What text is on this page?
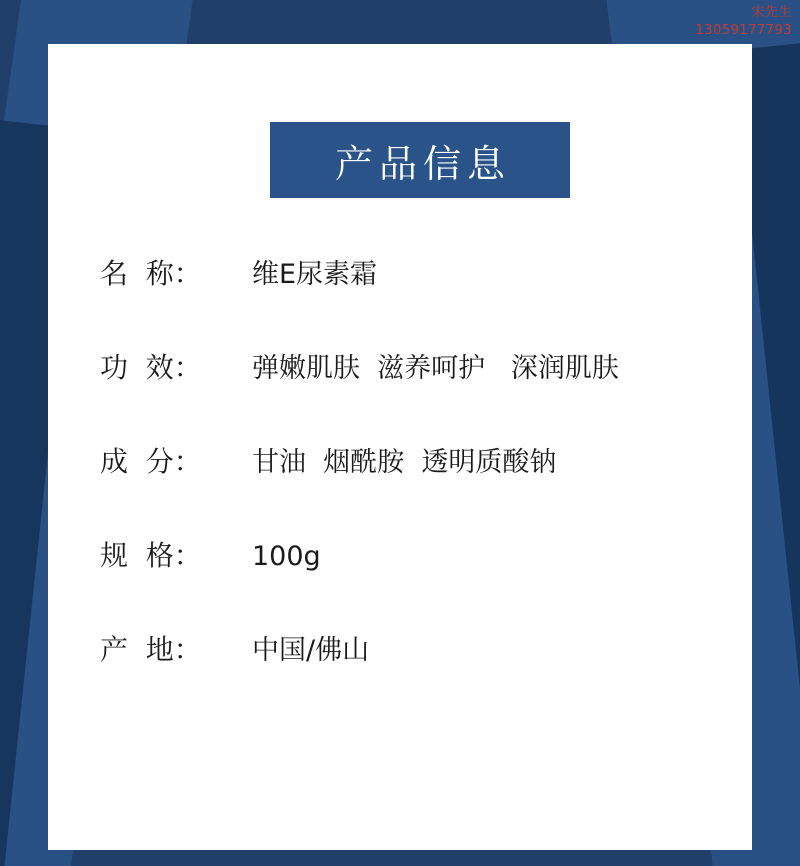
宋先生
13059177793
产品信息
名  称：	维E尿素霜
功  效：	弹嫩肌肤  滋养呵护   深润肌肤
成  分：	甘油  烟酰胺  透明质酸钠
规  格：	100g
产  地：	中国/佛山
